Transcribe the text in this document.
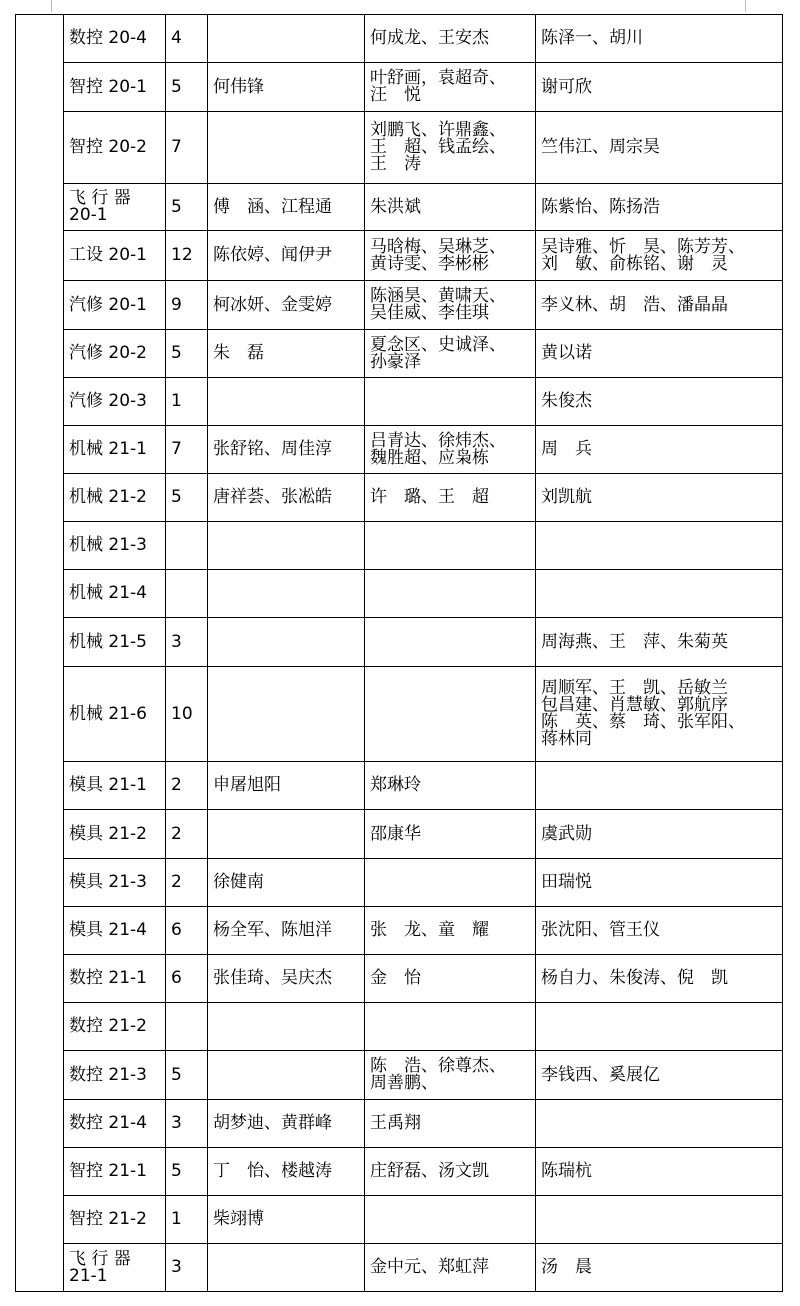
	数控 20-4	4		何成龙、王安杰	陈泽一、胡川
	智控 20-1	5	何伟锋	叶舒画，袁超奇、
汪　悦	谢可欣
	智控 20-2	7		刘鹏飞、许鼎鑫、
王　超、钱孟绘、
王　涛	竺伟江、周宗昊
	飞 行 器
20-1	5	傅　涵、江程通	朱洪斌	陈紫怡、陈扬浩
	工设 20-1	12	陈依婷、闻伊尹	马晗梅、吴琳芝、
黄诗雯、李彬彬	吴诗雅、忻　昊、陈芳芳、
刘　敏、俞栋铭、谢　灵
	汽修 20-1	9	柯冰妍、金雯婷	陈涵昊、黄啸天、
吴佳威、李佳琪	李义林、胡　浩、潘晶晶
	汽修 20-2	5	朱　磊	夏念区、史诚泽、
孙豪泽	黄以诺
	汽修 20-3	1			朱俊杰
	机械 21-1	7	张舒铭、周佳淳	吕青达、徐炜杰、
魏胜超、应枭栋	周　兵
	机械 21-2	5	唐祥荟、张凇皓	许　璐、王　超	刘凯航
	机械 21-3				
	机械 21-4				
	机械 21-5	3			周海燕、王　萍、朱菊英
	机械 21-6	10			周顺军、王　凯、岳敏兰
包昌建、肖慧敏、郭航序
陈　英、蔡　琦、张军阳、
蒋林同
	模具 21-1	2	申屠旭阳	郑琳玲	
	模具 21-2	2		邵康华	虞武勋
	模具 21-3	2	徐健南		田瑞悦
	模具 21-4	6	杨全军、陈旭洋	张　龙、童　耀	张沈阳、管王仪
	数控 21-1	6	张佳琦、吴庆杰	金　怡	杨自力、朱俊涛、倪　凯
	数控 21-2				
	数控 21-3	5		陈　浩、徐尊杰、
周善鹏、	李钱西、奚展亿
	数控 21-4	3	胡梦迪、黄群峰	王禹翔	
	智控 21-1	5	丁　怡、楼越涛	庄舒磊、汤文凯	陈瑞杭
	智控 21-2	1	柴翊博		
	飞 行 器
21-1	3		金中元、郑虹萍	汤　晨
